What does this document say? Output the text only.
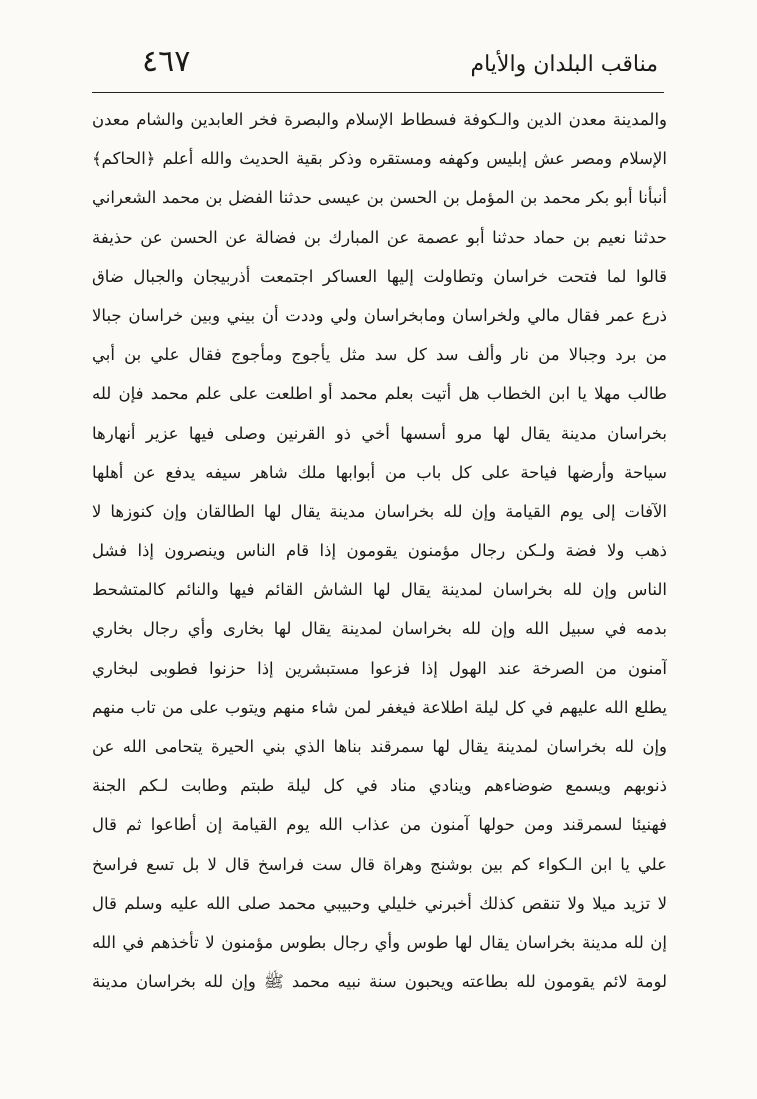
٤٦٧	مناقب البلدان والأيام
والمدينة معدن الدين والـكوفة فسطاط الإسلام والبصرة فخر العابدين والشام معدن
الإسلام ومصر عش إبليس وكهفه ومستقره وذكر بقية الحديث والله أعلم ﴿الحاكم﴾
أنبأنا أبو بكر محمد بن المؤمل بن الحسن بن عيسى حدثنا الفضل بن محمد الشعراني
حدثنا نعيم بن حماد حدثنا أبو عصمة عن المبارك بن فضالة عن الحسن عن حذيفة
قالوا لما فتحت خراسان وتطاولت إليها العساكر اجتمعت أذربيجان والجبال ضاق
ذرع عمر فقال مالي ولخراسان ومابخراسان ولي وددت أن بيني وبين خراسان جبالا
من برد وجبالا من نار وألف سد كل سد مثل يأجوج ومأجوج فقال علي بن أبي
طالب مهلا يا ابن الخطاب هل أتيت بعلم محمد أو اطلعت على علم محمد فإن لله
بخراسان مدينة يقال لها مرو أسسها أخي ذو القرنين وصلى فيها عزير أنهارها
سياحة وأرضها فياحة على كل باب من أبوابها ملك شاهر سيفه يدفع عن أهلها
الآفات إلى يوم القيامة وإن لله بخراسان مدينة يقال لها الطالقان وإن كنوزها لا
ذهب ولا فضة ولـكن رجال مؤمنون يقومون إذا قام الناس وينصرون إذا فشل
الناس وإن لله بخراسان لمدينة يقال لها الشاش القائم فيها والنائم كالمتشحط
بدمه في سبيل الله وإن لله بخراسان لمدينة يقال لها بخارى وأي رجال بخاري
آمنون من الصرخة عند الهول إذا فزعوا مستبشرين إذا حزنوا فطوبى لبخاري
يطلع الله عليهم في كل ليلة اطلاعة فيغفر لمن شاء منهم ويتوب على من تاب منهم
وإن لله بخراسان لمدينة يقال لها سمرقند بناها الذي بني الحيرة يتحامى الله عن
ذنوبهم ويسمع ضوضاءهم وينادي مناد في كل ليلة طبتم وطابت لـكم الجنة
فهنيئا لسمرقند ومن حولها آمنون من عذاب الله يوم القيامة إن أطاعوا ثم قال
علي يا ابن الـكواء كم بين بوشنج وهراة قال ست فراسخ قال لا بل تسع فراسخ
لا تزيد ميلا ولا تنقص كذلك أخبرني خليلي وحبيبي محمد صلى الله عليه وسلم قال
إن لله مدينة بخراسان يقال لها طوس وأي رجال بطوس مؤمنون لا تأخذهم في الله
لومة لائم يقومون لله بطاعته ويحبون سنة نبيه محمد ﷺ وإن لله بخراسان مدينة
